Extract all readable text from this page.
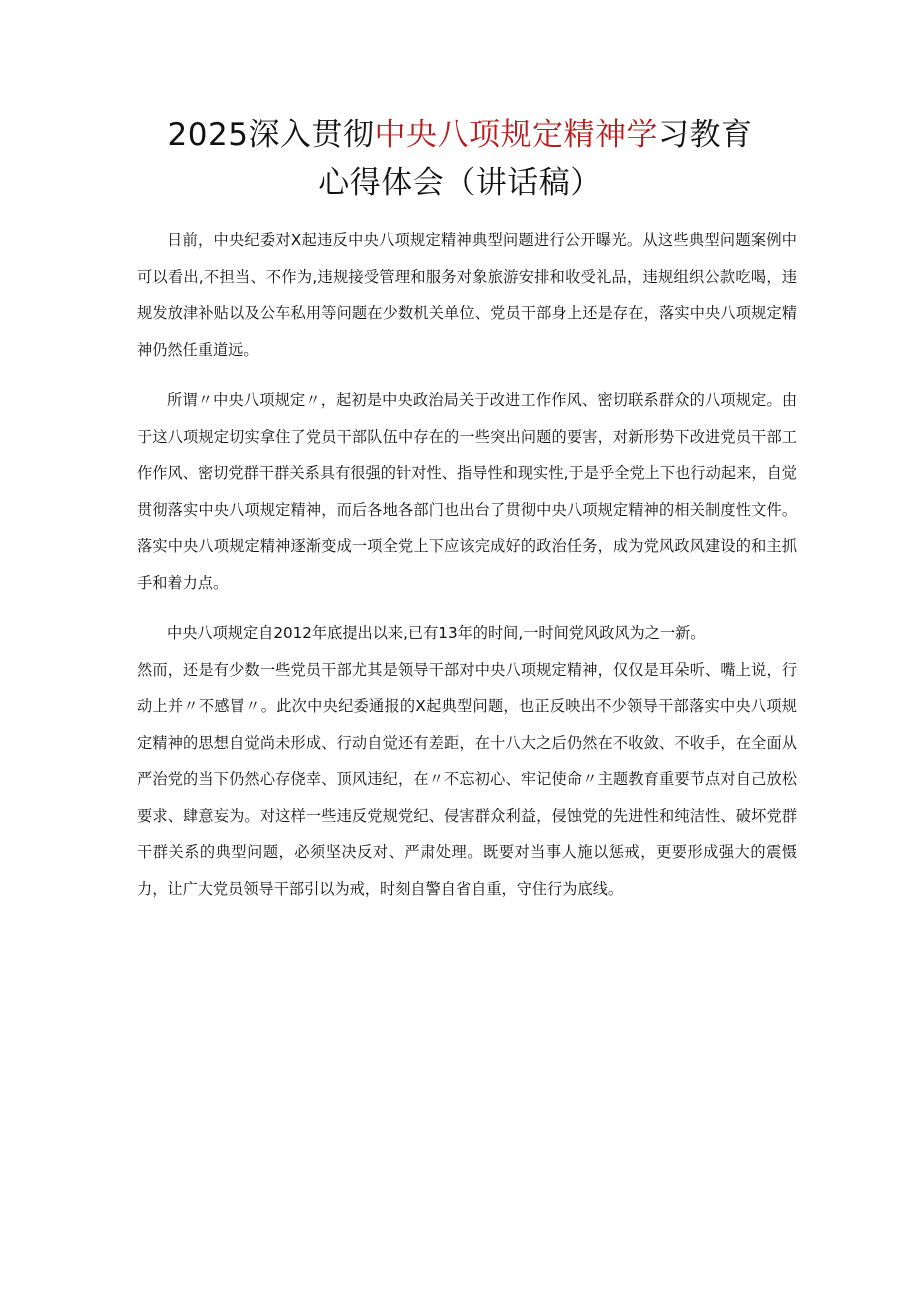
2025深入贯彻中央八项规定精神学习教育
心得体会（讲话稿）

日前，中央纪委对X起违反中央八项规定精神典型问题进行公开曝光。从这些典型问题案例中可以看出,不担当、不作为,违规接受管理和服务对象旅游安排和收受礼品，违规组织公款吃喝，违规发放津补贴以及公车私用等问题在少数机关单位、党员干部身上还是存在，落实中央八项规定精神仍然任重道远。

所谓〃中央八项规定〃，起初是中央政治局关于改进工作作风、密切联系群众的八项规定。由于这八项规定切实拿住了党员干部队伍中存在的一些突出问题的要害，对新形势下改进党员干部工作作风、密切党群干群关系具有很强的针对性、指导性和现实性,于是乎全党上下也行动起来，自觉贯彻落实中央八项规定精神，而后各地各部门也出台了贯彻中央八项规定精神的相关制度性文件。落实中央八项规定精神逐渐变成一项全党上下应该完成好的政治任务，成为党风政风建设的和主抓手和着力点。

中央八项规定自2012年底提出以来,已有13年的时间,一时间党风政风为之一新。

然而，还是有少数一些党员干部尤其是领导干部对中央八项规定精神，仅仅是耳朵听、嘴上说，行动上并〃不感冒〃。此次中央纪委通报的X起典型问题，也正反映出不少领导干部落实中央八项规定精神的思想自觉尚未形成、行动自觉还有差距，在十八大之后仍然在不收敛、不收手，在全面从严治党的当下仍然心存侥幸、顶风违纪，在〃不忘初心、牢记使命〃主题教育重要节点对自己放松要求、肆意妄为。对这样一些违反党规党纪、侵害群众利益，侵蚀党的先进性和纯洁性、破坏党群干群关系的典型问题，必须坚决反对、严肃处理。既要对当事人施以惩戒，更要形成强大的震慑力，让广大党员领导干部引以为戒，时刻自警自省自重，守住行为底线。
